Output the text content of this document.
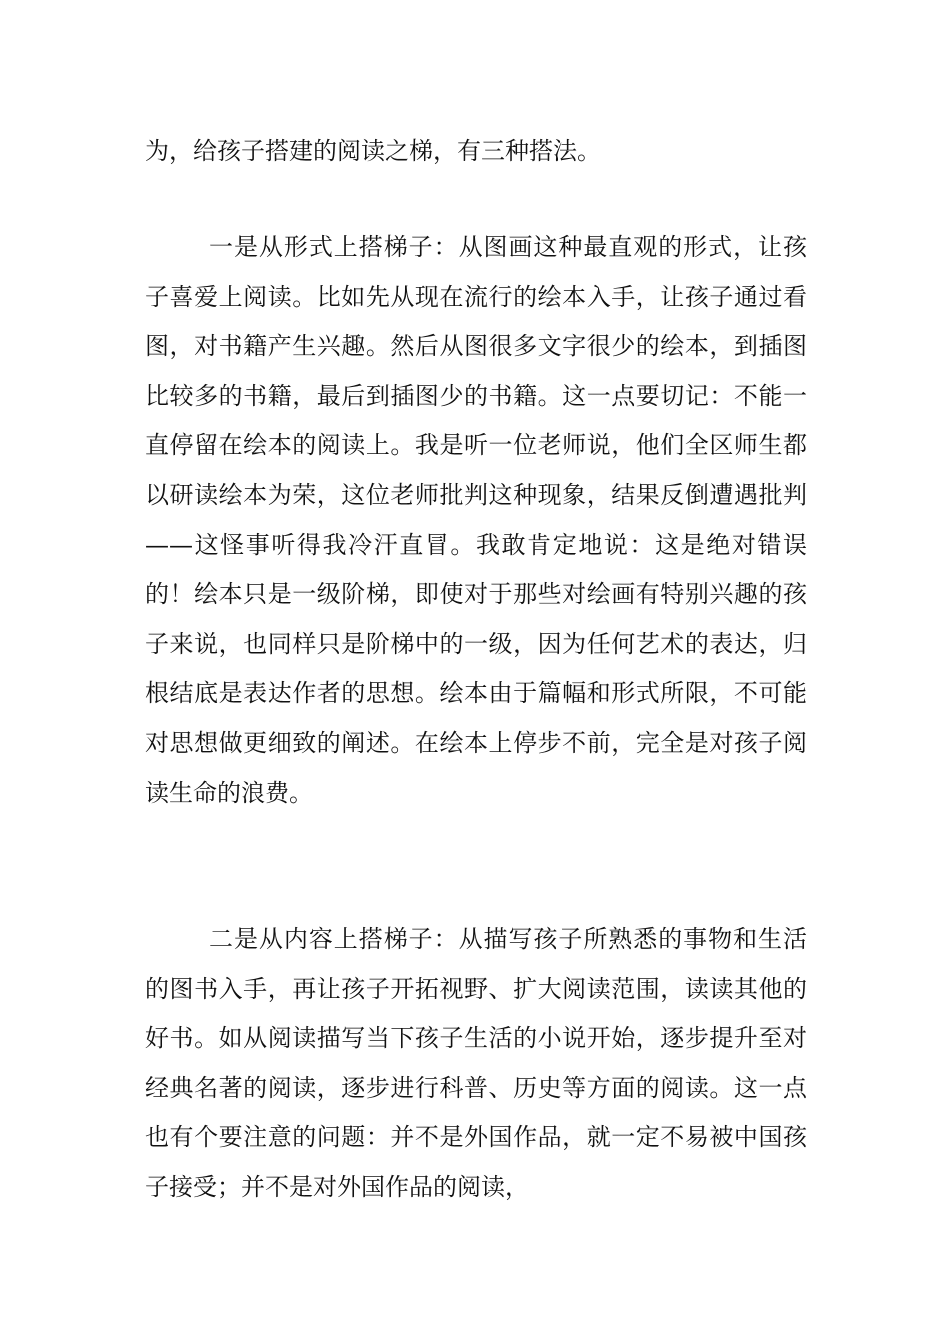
为，给孩子搭建的阅读之梯，有三种搭法。

一是从形式上搭梯子：从图画这种最直观的形式，让孩子喜爱上阅读。比如先从现在流行的绘本入手，让孩子通过看图，对书籍产生兴趣。然后从图很多文字很少的绘本，到插图比较多的书籍，最后到插图少的书籍。这一点要切记：不能一直停留在绘本的阅读上。我是听一位老师说，他们全区师生都以研读绘本为荣，这位老师批判这种现象，结果反倒遭遇批判——这怪事听得我冷汗直冒。我敢肯定地说：这是绝对错误的！绘本只是一级阶梯，即使对于那些对绘画有特别兴趣的孩子来说，也同样只是阶梯中的一级，因为任何艺术的表达，归根结底是表达作者的思想。绘本由于篇幅和形式所限，不可能对思想做更细致的阐述。在绘本上停步不前，完全是对孩子阅读生命的浪费。

二是从内容上搭梯子：从描写孩子所熟悉的事物和生活的图书入手，再让孩子开拓视野、扩大阅读范围，读读其他的好书。如从阅读描写当下孩子生活的小说开始，逐步提升至对经典名著的阅读，逐步进行科普、历史等方面的阅读。这一点也有个要注意的问题：并不是外国作品，就一定不易被中国孩子接受；并不是对外国作品的阅读，
